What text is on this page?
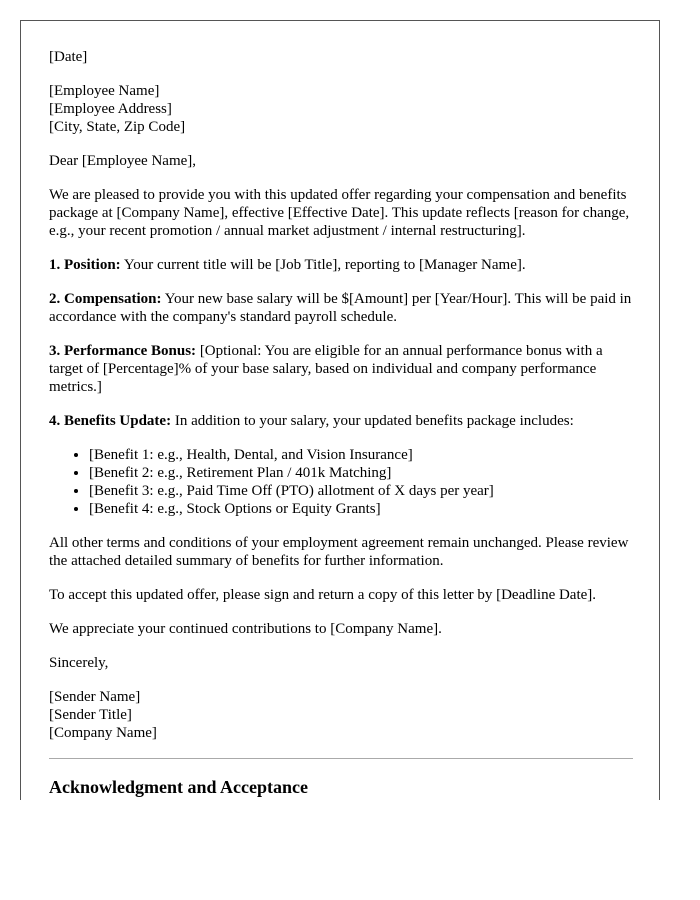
[Date]
[Employee Name]
[Employee Address]
[City, State, Zip Code]

Dear [Employee Name],

We are pleased to provide you with this updated offer regarding your compensation and benefits package at [Company Name], effective [Effective Date]. This update reflects [reason for change, e.g., your recent promotion / annual market adjustment / internal restructuring].

1. Position: Your current title will be [Job Title], reporting to [Manager Name].

2. Compensation: Your new base salary will be $[Amount] per [Year/Hour]. This will be paid in accordance with the company's standard payroll schedule.

3. Performance Bonus: [Optional: You are eligible for an annual performance bonus with a target of [Percentage]% of your base salary, based on individual and company performance metrics.]

4. Benefits Update: In addition to your salary, your updated benefits package includes:

• [Benefit 1: e.g., Health, Dental, and Vision Insurance]
• [Benefit 2: e.g., Retirement Plan / 401k Matching]
• [Benefit 3: e.g., Paid Time Off (PTO) allotment of X days per year]
• [Benefit 4: e.g., Stock Options or Equity Grants]

All other terms and conditions of your employment agreement remain unchanged. Please review the attached detailed summary of benefits for further information.

To accept this updated offer, please sign and return a copy of this letter by [Deadline Date].

We appreciate your continued contributions to [Company Name].

Sincerely,

[Sender Name]
[Sender Title]
[Company Name]
Acknowledgment and Acceptance
